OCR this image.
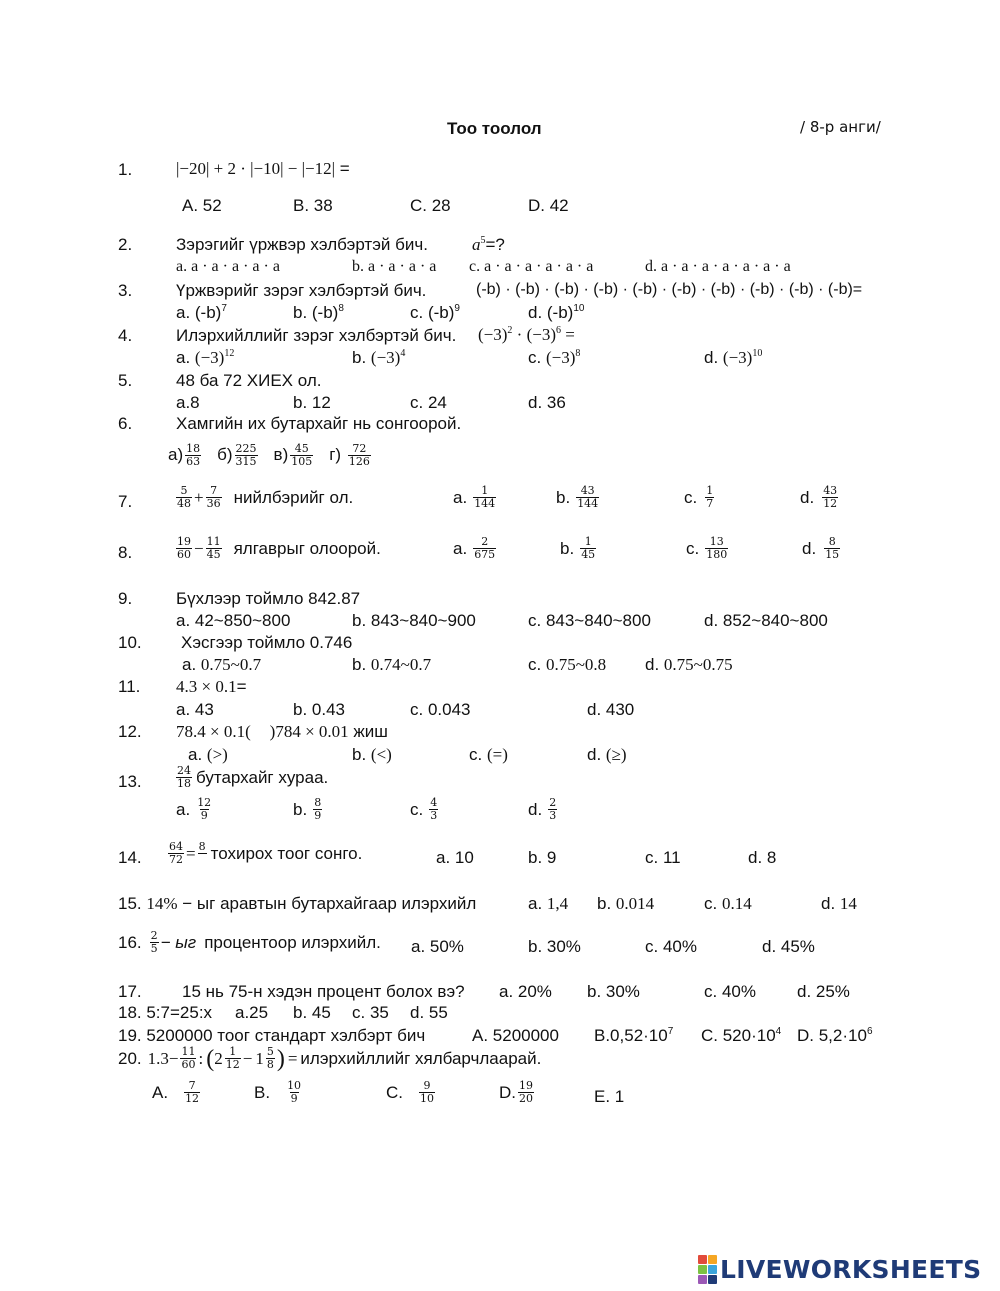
Тоо тоолол	/ 8-р анги/
1.	|−20| + 2 · |−10| − |−12| =
A. 52	B. 38	C. 28	D. 42
2.	Зэрэгийг үржвэр хэлбэртэй бич.	$a^5=$?
a. a · a · a · a · a	b. a · a · a · a c. a · a · a · a · a · a	d. a · a · a · a · a · a · a
3.	Үржвэрийг зэрэг хэлбэртэй бич.	(-b) · (-b) · (-b) · (-b) · (-b) · (-b) · (-b) · (-b) · (-b) · (-b)=
a. $(-b)^7$	b. $(-b)^8$	c. $(-b)^9$	d. $(-b)^{10}$
4.	Илэрхийллийг зэрэг хэлбэртэй бич. $(-3)^2 \cdot (-3)^6$ =
a. $(-3)^{12}$	b. $(-3)^4$	c. $(-3)^8$	d. $(-3)^{10}$
5.	48 ба 72 ХИЕХ ол.
a.8	b. 12	c. 24	d. 36
6.	Хамгийн их бутархайг нь сонгоорой.
$а) \frac{18}{63} б) \frac{225}{315} в) \frac{45}{105} г) \frac{72}{126}$
7.	$\frac{5}{48} + \frac{7}{36}$ нийлбэрийг ол.	a. $\frac{1}{144}$	b. $\frac{43}{144}$	c. $\frac{1}{7}$	d. $\frac{43}{12}$
8.	$\frac{19}{60} - \frac{11}{45}$ ялгаврыг олоорой.	a. $\frac{2}{675}$	b. $\frac{1}{45}$	c. $\frac{13}{180}$	d. $\frac{8}{15}$
9.	Бүхлээр тоймло 842.87
a. 42~850~800	b. 843~840~900	c. 843~840~800	d. 852~840~800
10. Хэсгээр тоймло 0.746
a. 0.75~0.7	b. 0.74~0.7	c. 0.75~0.8 d. 0.75~0.75
11. 4.3 × 0.1=
a. 43	b. 0.43	c. 0.043	d. 430
12. 78.4 × 0.1( )784 × 0.01 жиш
a. (>)	b. (<)	c. (=)	d. (≥)
13.	$\frac{24}{18}$ бутархайг хураа.
a. $\frac{12}{9}$	b. $\frac{8}{9}$	c. $\frac{4}{3}$	d. $\frac{2}{3}$
14. $\frac{64}{72} = 8$
тохирох тоог сонго.	a. 10	b. 9	c. 11	d. 8
15. 14% − ыг аравтын бутархайгаар илэрхийл	a. 1,4 b. 0.014	c. 0.14	d. 14
16. $\frac{2}{5}$ − ыг процентоор илэрхийл. a. 50%	b. 30%	c. 40%	d. 45%
17. 15 нь 75-н хэдэн процент болох вэ? a. 20% b. 30%	c. 40% d. 25%
18. 5:7=25:x a.25 b. 45 c. 35 d. 55
19. 5200000 тоог стандарт хэлбэрт бич	A. 5200000 $B.0,52\cdot 10^7$ C. $520\cdot 10^4$ D. $5,2\cdot 10^6$
20. $1.3 - \frac{11}{60}$ : ( $2 \frac{1}{12} - 1 \frac{5}{8}$ ) = илэрхийллийг хялбарчлаарай.
A. $\frac{7}{12}$	B. $\frac{10}{9}$	C. $\frac{9}{10}$	D. $\frac{19}{20}$	E. 1
LIVEWORKSHEETS
